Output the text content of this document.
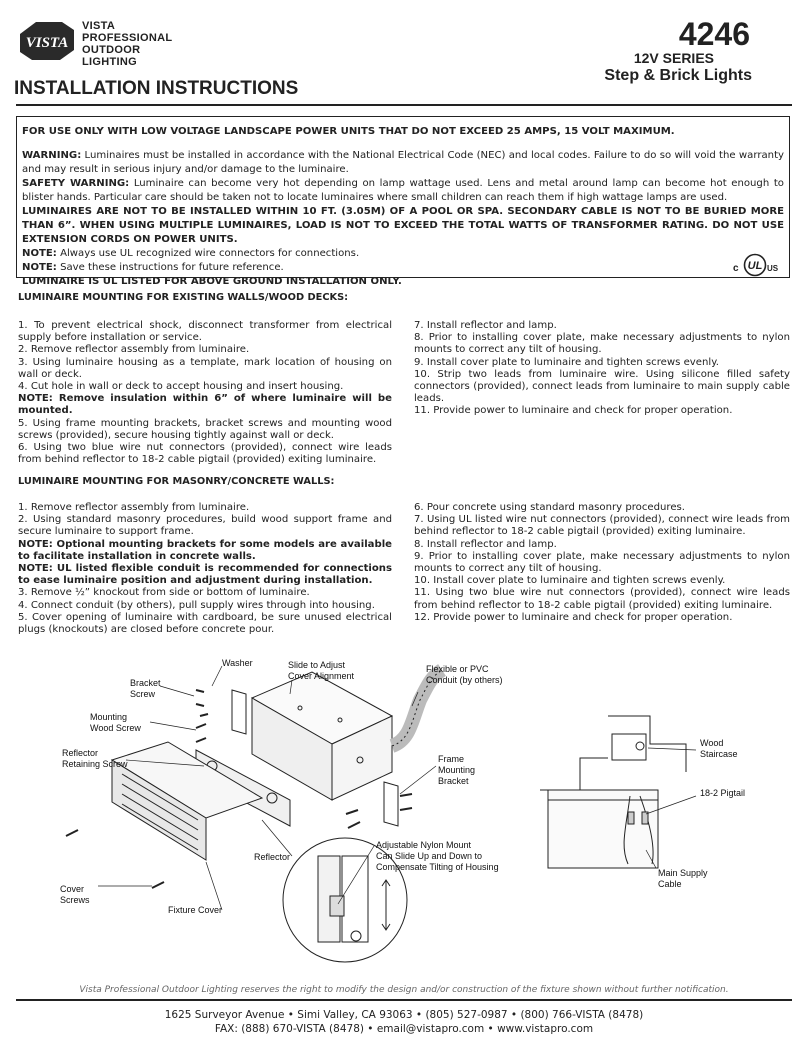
VISTA
VISTA
PROFESSIONAL
OUTDOOR
LIGHTING
4246
12V SERIES
Step & Brick Lights
INSTALLATION INSTRUCTIONS

FOR USE ONLY WITH LOW VOLTAGE LANDSCAPE POWER UNITS THAT DO NOT EXCEED 25 AMPS, 15 VOLT MAXIMUM.

WARNING: Luminaires must be installed in accordance with the National Electrical Code (NEC) and local codes. Failure to do so will void the warranty and may result in serious injury and/or damage to the luminaire.

SAFETY WARNING: Luminaire can become very hot depending on lamp wattage used. Lens and metal around lamp can become hot enough to blister hands. Particular care should be taken not to locate luminaires where small children can reach them if high wattage lamps are used.

LUMINAIRES ARE NOT TO BE INSTALLED WITHIN 10 FT. (3.05M) OF A POOL OR SPA. SECONDARY CABLE IS NOT TO BE BURIED MORE THAN 6”. WHEN USING MULTIPLE LUMINAIRES, LOAD IS NOT TO EXCEED THE TOTAL WATTS OF TRANSFORMER RATING. DO NOT USE EXTENSION CORDS ON POWER UNITS.

NOTE: Always use UL recognized wire connectors for connections.

NOTE: Save these instructions for future reference.

LUMINAIRE IS UL LISTED FOR ABOVE GROUND INSTALLATION ONLY.

c UL US
LUMINAIRE MOUNTING FOR EXISTING WALLS/WOOD DECKS:

1. To prevent electrical shock, disconnect transformer from electrical supply before installation or service.

2. Remove reflector assembly from luminaire.

3. Using luminaire housing as a template, mark location of housing on wall or deck.

4. Cut hole in wall or deck to accept housing and insert housing.

NOTE: Remove insulation within 6” of where luminaire will be mounted.

5. Using frame mounting brackets, bracket screws and mounting wood screws (provided), secure housing tightly against wall or deck.

6. Using two blue wire nut connectors (provided), connect wire leads from behind reflector to 18-2 cable pigtail (provided) exiting luminaire.

7. Install reflector and lamp.

8. Prior to installing cover plate, make necessary adjustments to nylon mounts to correct any tilt of housing.

9. Install cover plate to luminaire and tighten screws evenly.

10. Strip two leads from luminaire wire. Using silicone filled safety connectors (provided), connect leads from luminaire to main supply cable leads.

11. Provide power to luminaire and check for proper operation.

LUMINAIRE MOUNTING FOR MASONRY/CONCRETE WALLS:

1. Remove reflector assembly from luminaire.

2. Using standard masonry procedures, build wood support frame and secure luminaire to support frame.

NOTE: Optional mounting brackets for some models are available to facilitate installation in concrete walls.

NOTE: UL listed flexible conduit is recommended for connections to ease luminaire position and adjustment during installation.

3. Remove ½” knockout from side or bottom of luminaire.

4. Connect conduit (by others), pull supply wires through into housing.

5. Cover opening of luminaire with cardboard, be sure unused electrical plugs (knockouts) are closed before concrete pour.

6. Pour concrete using standard masonry procedures.

7. Using UL listed wire nut connectors (provided), connect wire leads from behind reflector to 18-2 cable pigtail (provided) exiting luminaire.

8. Install reflector and lamp.

9. Prior to installing cover plate, make necessary adjustments to nylon mounts to correct any tilt of housing.

10. Install cover plate to luminaire and tighten screws evenly.

11. Using two blue wire nut connectors (provided), connect wire leads from behind reflector to 18-2 cable pigtail (provided) exiting luminaire.

12. Provide power to luminaire and check for proper operation.

Washer	Slide to Adjust
Cover Alignment
Flexible or PVC
Conduit (by others)
Bracket
Screw
Mounting
Wood Screw
Reflector
Retaining Screw	Frame
Mounting
Bracket
Adjustable Nylon Mount
Can Slide Up and Down to
Compensate Tilting of Housing
Reflector
Cover
Screws
Fixture Cover
Wood
Staircase
18-2 Pigtail
Main Supply
Cable
Vista Professional Outdoor Lighting reserves the right to modify the design and/or construction of the fixture shown without further notification.
1625 Surveyor Avenue • Simi Valley, CA 93063 • (805) 527-0987 • (800) 766-VISTA (8478)
FAX: (888) 670-VISTA (8478) • email@vistapro.com • www.vistapro.com
